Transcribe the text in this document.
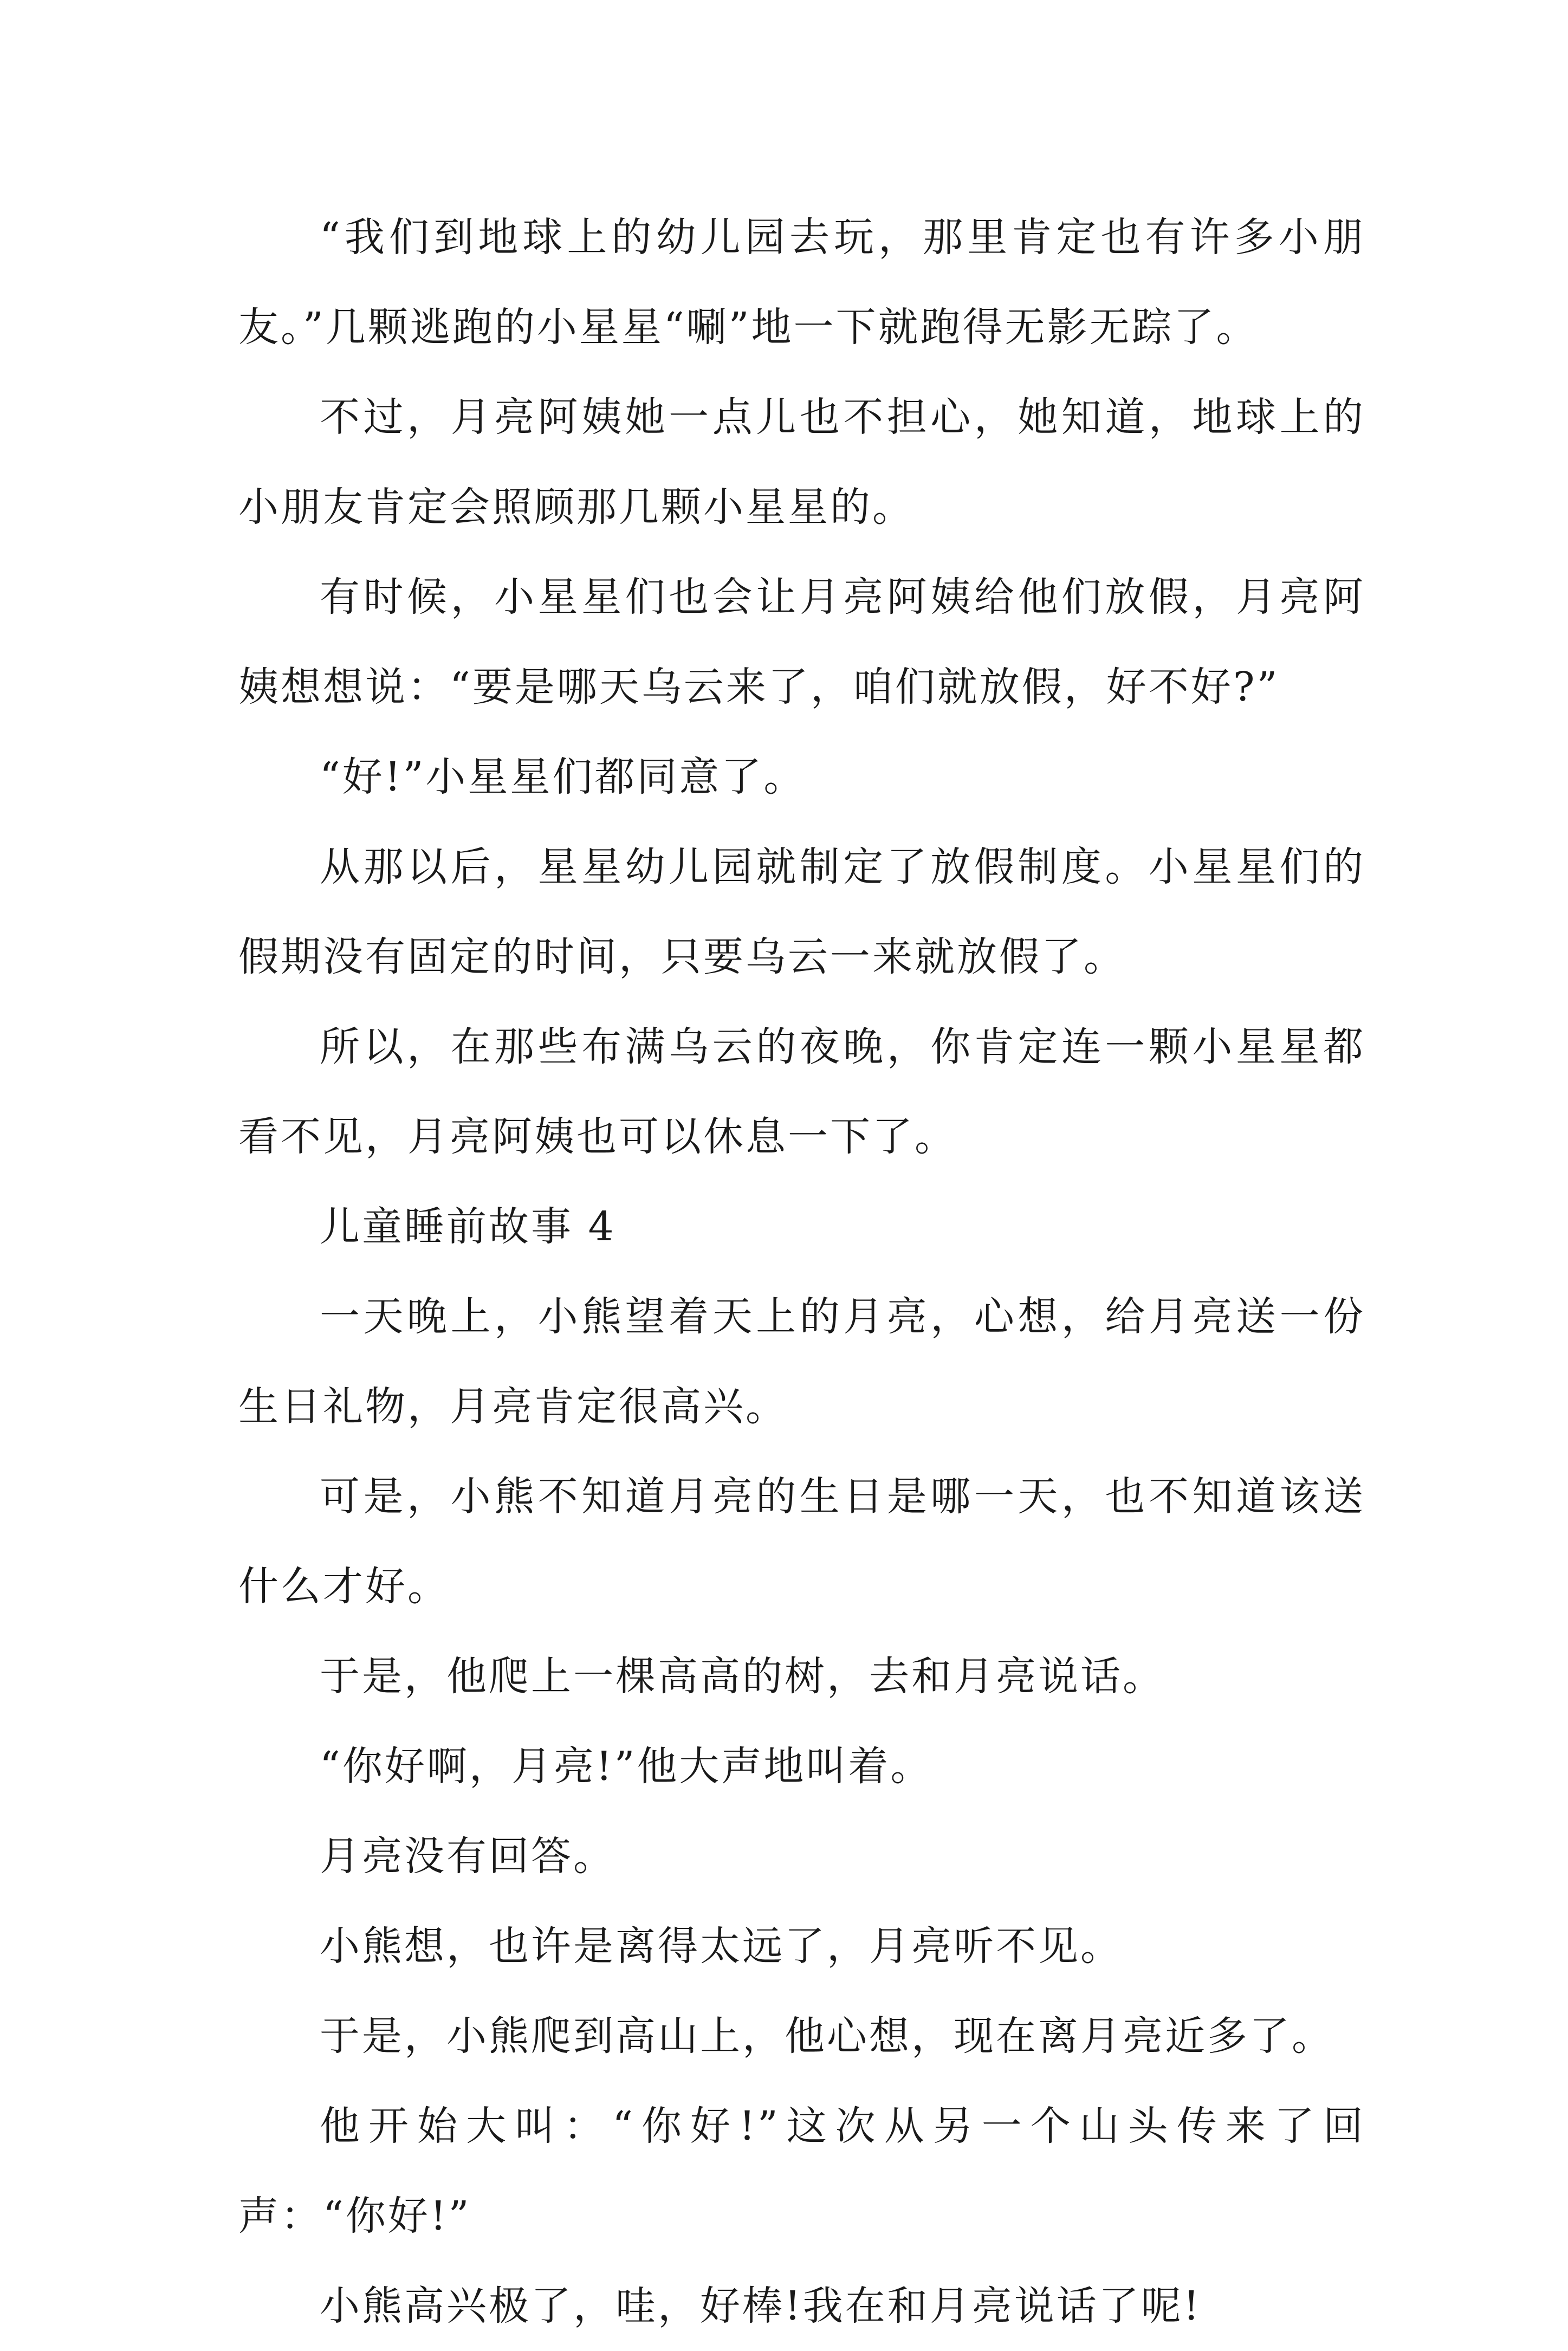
“我们到地球上的幼儿园去玩，那里肯定也有许多小朋友。”几颗逃跑的小星星“唰”地一下就跑得无影无踪了。

不过，月亮阿姨她一点儿也不担心，她知道，地球上的小朋友肯定会照顾那几颗小星星的。

有时候，小星星们也会让月亮阿姨给他们放假，月亮阿姨想想说：“要是哪天乌云来了，咱们就放假，好不好?”

“好!”小星星们都同意了。

从那以后，星星幼儿园就制定了放假制度。小星星们的假期没有固定的时间，只要乌云一来就放假了。

所以，在那些布满乌云的夜晚，你肯定连一颗小星星都看不见，月亮阿姨也可以休息一下了。

儿童睡前故事 4

一天晚上，小熊望着天上的月亮，心想，给月亮送一份生日礼物，月亮肯定很高兴。

可是，小熊不知道月亮的生日是哪一天，也不知道该送什么才好。

于是，他爬上一棵高高的树，去和月亮说话。

“你好啊，月亮!”他大声地叫着。

月亮没有回答。

小熊想，也许是离得太远了，月亮听不见。

于是，小熊爬到高山上，他心想，现在离月亮近多了。

他开始大叫：“你好!”这次从另一个山头传来了回声：“你好!”

小熊高兴极了，哇，好棒!我在和月亮说话了呢!
